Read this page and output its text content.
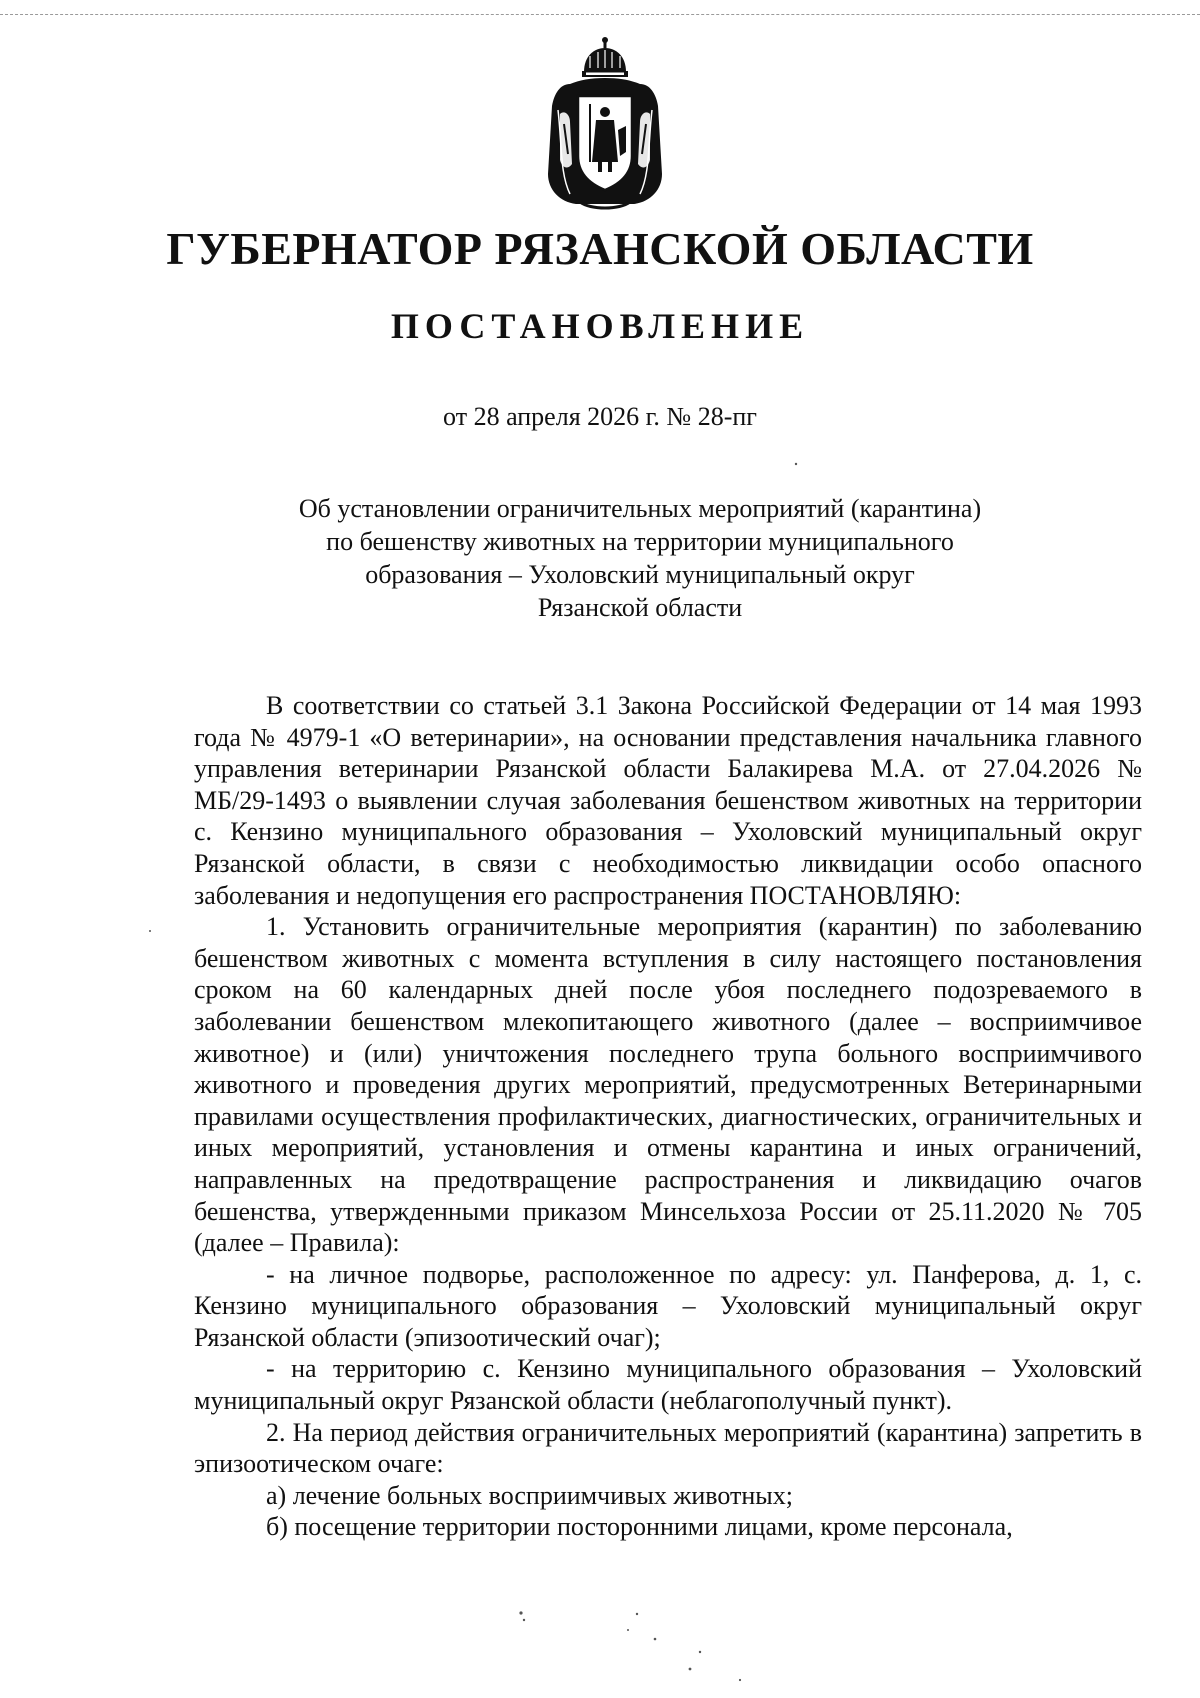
ГУБЕРНАТОР РЯЗАНСКОЙ ОБЛАСТИ
ПОСТАНОВЛЕНИЕ
от 28 апреля 2026 г. № 28-пг
Об установлении ограничительных мероприятий (карантина)
по бешенству животных на территории муниципального
образования – Ухоловский муниципальный округ
Рязанской области

В соответствии со статьей 3.1 Закона Российской Федерации от 14 мая 1993 года № 4979-1 «О ветеринарии», на основании представления начальника главного управления ветеринарии Рязанской области Балакирева М.А. от 27.04.2026 № МБ/29-1493 о выявлении случая заболевания бешенством животных на территории с. Кензино муниципального образования – Ухоловский муниципальный округ Рязанской области, в связи с необходимостью ликвидации особо опасного заболевания и недопущения его распространения ПОСТАНОВЛЯЮ:

1. Установить ограничительные мероприятия (карантин) по заболеванию бешенством животных с момента вступления в силу настоящего постановления сроком на 60 календарных дней после убоя последнего подозреваемого в заболевании бешенством млекопитающего животного (далее – восприимчивое животное) и (или) уничтожения последнего трупа больного восприимчивого животного и проведения других мероприятий, предусмотренных Ветеринарными правилами осуществления профилактических, диагностических, ограничительных и иных мероприятий, установления и отмены карантина и иных ограничений, направленных на предотвращение распространения и ликвидацию очагов бешенства, утвержденными приказом Минсельхоза России от 25.11.2020 № 705 (далее – Правила):

- на личное подворье, расположенное по адресу: ул. Панферова, д. 1, с. Кензино муниципального образования – Ухоловский муниципальный округ Рязанской области (эпизоотический очаг);

- на территорию с. Кензино муниципального образования – Ухоловский муниципальный округ Рязанской области (неблагополучный пункт).

2. На период действия ограничительных мероприятий (карантина) запретить в эпизоотическом очаге:

а) лечение больных восприимчивых животных;

б) посещение территории посторонними лицами, кроме персонала,
